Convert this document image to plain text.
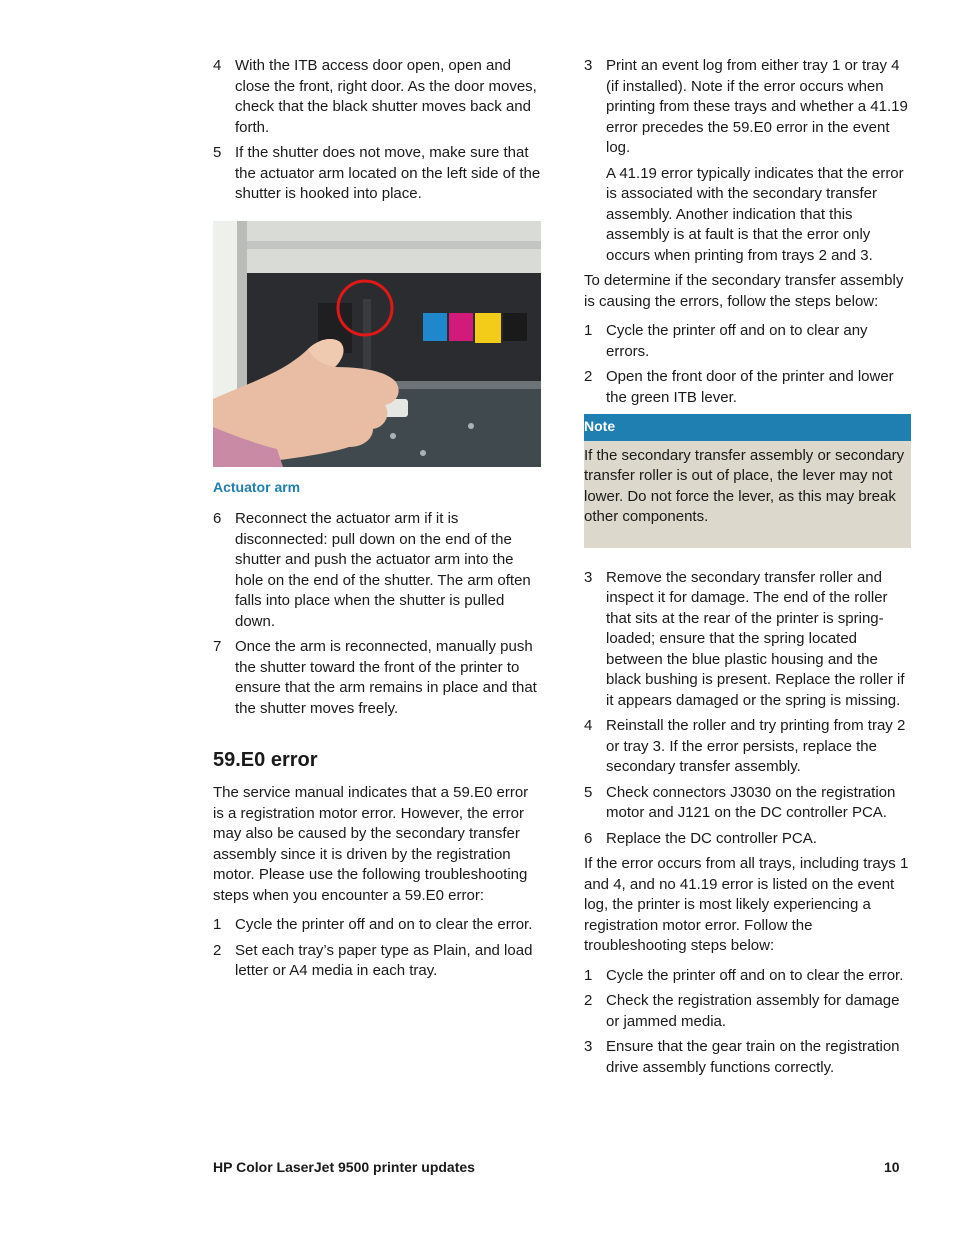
4 With the ITB access door open, open and close the front, right door. As the door moves, check that the black shutter moves back and forth.

5 If the shutter does not move, make sure that the actuator arm located on the left side of the shutter is hooked into place.

Actuator arm
6 Reconnect the actuator arm if it is disconnected: pull down on the end of the shutter and push the actuator arm into the hole on the end of the shutter. The arm often falls into place when the shutter is pulled down.

7 Once the arm is reconnected, manually push the shutter toward the front of the printer to ensure that the arm remains in place and that the shutter moves freely.

59.E0 error

The service manual indicates that a 59.E0 error is a registration motor error. However, the error may also be caused by the secondary transfer assembly since it is driven by the registration motor. Please use the following troubleshooting steps when you encounter a 59.E0 error:

1 Cycle the printer off and on to clear the error.

2 Set each tray’s paper type as Plain, and load letter or A4 media in each tray.

3 Print an event log from either tray 1 or tray 4 (if installed). Note if the error occurs when printing from these trays and whether a 41.19 error precedes the 59.E0 error in the event log.

A 41.19 error typically indicates that the error is associated with the secondary transfer assembly. Another indication that this assembly is at fault is that the error only occurs when printing from trays 2 and 3.

To determine if the secondary transfer assembly is causing the errors, follow the steps below:

1 Cycle the printer off and on to clear any errors.

2 Open the front door of the printer and lower the green ITB lever.

Note
If the secondary transfer assembly or secondary transfer roller is out of place, the lever may not lower. Do not force the lever, as this may break other components.
3 Remove the secondary transfer roller and inspect it for damage. The end of the roller that sits at the rear of the printer is spring-loaded; ensure that the spring located between the blue plastic housing and the black bushing is present. Replace the roller if it appears damaged or the spring is missing.

4 Reinstall the roller and try printing from tray 2 or tray 3. If the error persists, replace the secondary transfer assembly.

5 Check connectors J3030 on the registration motor and J121 on the DC controller PCA.

6 Replace the DC controller PCA.

If the error occurs from all trays, including trays 1 and 4, and no 41.19 error is listed on the event log, the printer is most likely experiencing a registration motor error. Follow the troubleshooting steps below:

1 Cycle the printer off and on to clear the error.

2 Check the registration assembly for damage or jammed media.

3 Ensure that the gear train on the registration drive assembly functions correctly.

HP Color LaserJet 9500 printer updates	10
